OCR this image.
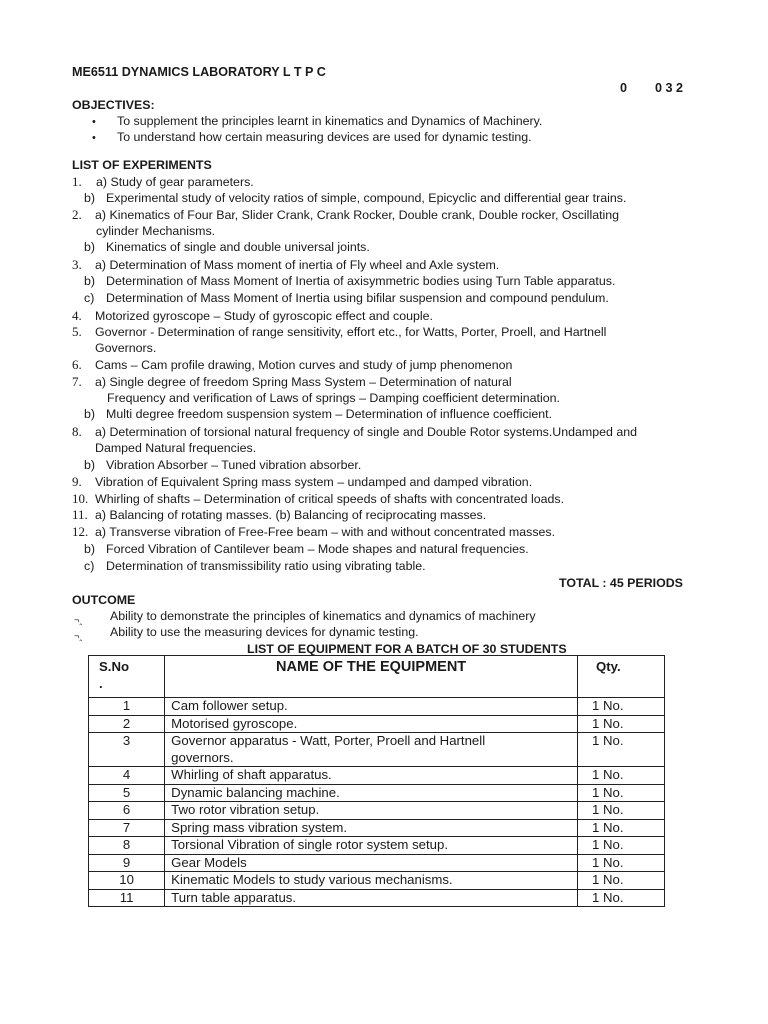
ME6511 DYNAMICS LABORATORY L T P C
0        0 3 2
OBJECTIVES:
• To supplement the principles learnt in kinematics and Dynamics of Machinery.
• To understand how certain measuring devices are used for dynamic testing.
LIST OF EXPERIMENTS
1. a) Study of gear parameters.
b) Experimental study of velocity ratios of simple, compound, Epicyclic and differential gear trains.
2. a) Kinematics of Four Bar, Slider Crank, Crank Rocker, Double crank, Double rocker, Oscillating
cylinder Mechanisms.
b) Kinematics of single and double universal joints.
3. a) Determination of Mass moment of inertia of Fly wheel and Axle system.
b) Determination of Mass Moment of Inertia of axisymmetric bodies using Turn Table apparatus.
c) Determination of Mass Moment of Inertia using bifilar suspension and compound pendulum.
4. Motorized gyroscope – Study of gyroscopic effect and couple.
5. Governor - Determination of range sensitivity, effort etc., for Watts, Porter, Proell, and Hartnell
Governors.
6. Cams – Cam profile drawing, Motion curves and study of jump phenomenon
7. a) Single degree of freedom Spring Mass System – Determination of natural
Frequency and verification of Laws of springs – Damping coefficient determination.
b) Multi degree freedom suspension system – Determination of influence coefficient.
8. a) Determination of torsional natural frequency of single and Double Rotor systems.Undamped and
Damped Natural frequencies.
b) Vibration Absorber – Tuned vibration absorber.
9. Vibration of Equivalent Spring mass system – undamped and damped vibration.
10. Whirling of shafts – Determination of critical speeds of shafts with concentrated loads.
11. a) Balancing of rotating masses. (b) Balancing of reciprocating masses.
12. a) Transverse vibration of Free-Free beam – with and without concentrated masses.
b) Forced Vibration of Cantilever beam – Mode shapes and natural frequencies.
c) Determination of transmissibility ratio using vibrating table.
TOTAL : 45 PERIODS
OUTCOME
¬‸ Ability to demonstrate the principles of kinematics and dynamics of machinery
¬‸ Ability to use the measuring devices for dynamic testing.
LIST OF EQUIPMENT FOR A BATCH OF 30 STUDENTS
S.No
.	NAME OF THE EQUIPMENT	Qty.
1	Cam follower setup.	1 No.
2	Motorised gyroscope.	1 No.
3	Governor apparatus - Watt, Porter, Proell and Hartnell
governors.	1 No.
4	Whirling of shaft apparatus.	1 No.
5	Dynamic balancing machine.	1 No.
6	Two rotor vibration setup.	1 No.
7	Spring mass vibration system.	1 No.
8	Torsional Vibration of single rotor system setup.	1 No.
9	Gear Models	1 No.
10	Kinematic Models to study various mechanisms.	1 No.
11	Turn table apparatus.	1 No.
